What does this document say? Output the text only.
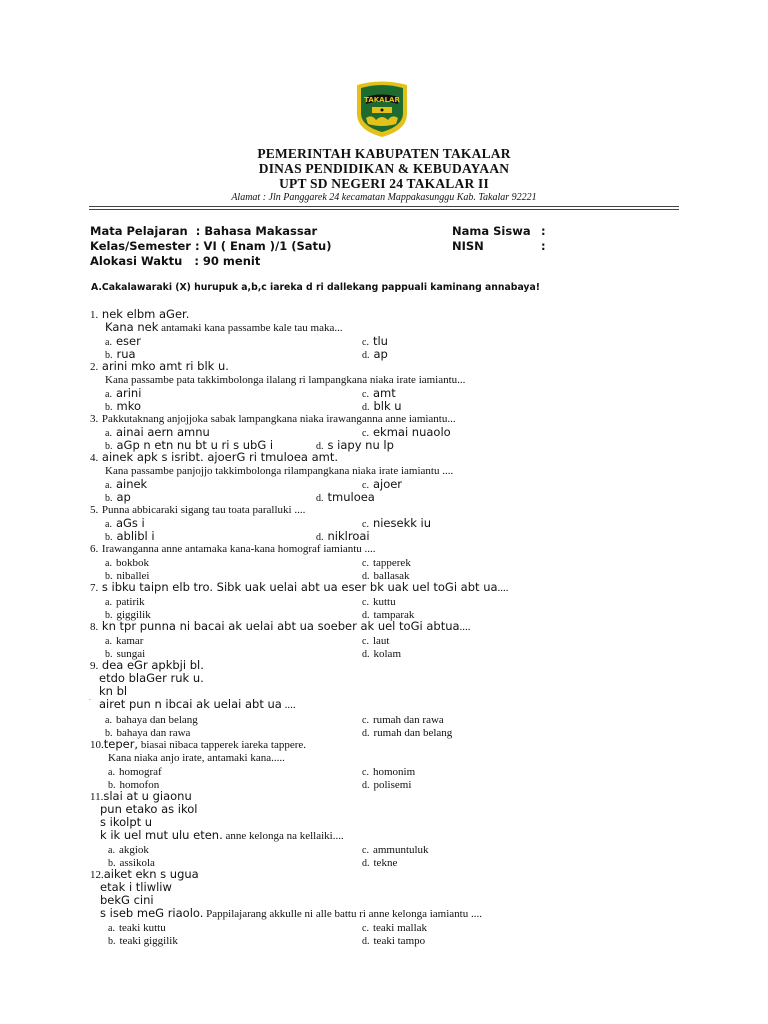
TAKALAR
PEMERINTAH KABUPATEN TAKALAR
DINAS PENDIDIKAN & KEBUDAYAAN
UPT SD NEGERI 24 TAKALAR II
Alamat : Jln Panggarek 24 kecamatan Mappakasunggu Kab. Takalar 92221
Mata Pelajaran  : Bahasa Makassar
Kelas/Semester : VI ( Enam )/1 (Satu)
Alokasi Waktu   : 90 menit
Nama Siswa :
NISN	:
A.Cakalawaraki (X) hurupuk a,b,c iareka d ri dallekang pappuali kaminang annabaya!
1. nek elbm aGer.
Kana nek antamaki kana passambe kale tau maka...
a. eser	c. tlu
b. rua	d. ap
2. arini mko amt ri blk u.
Kana passambe pata takkimbolonga ilalang ri lampangkana niaka irate iamiantu...
a. arini	c. amt
b. mko	d. blk u
3. Pakkutaknang anjojjoka sabak lampangkana niaka irawanganna anne iamiantu...
a. ainai aern amnu	c. ekmai nuaolo
b. aGp n etn nu bt u ri s ubG i	d. s iapy nu lp
4. ainek apk s isribt. ajoerG ri tmuloea amt.
Kana passambe panjojjo takkimbolonga rilampangkana niaka irate iamiantu ....
a. ainek	c. ajoer
b. ap	d. tmuloea
5. Punna abbicaraki sigang tau toata paralluki ....
a. aGs i	c. niesekk iu
b. ablibl i	d. niklroai
6. Irawanganna anne antamaka kana-kana homograf iamiantu ....
a. bokbok	c. tapperek
b. niballei	d. ballasak
7. s ibku taipn elb tro. Sibk uak uelai abt ua eser bk uak uel toGi abt ua....
a. patirik	c. kuttu
b. giggilik	d. tamparak
8. kn tpr punna ni bacai ak uelai abt ua soeber ak uel toGi abtua....
a. kamar	c. laut
b. sungai	d. kolam
9. dea eGr apkbji bl.
etdo blaGer ruk u.
kn bl
. airet pun n ibcai ak uelai abt ua ....
a. bahaya dan belang	c. rumah dan rawa
b. bahaya dan rawa	d. rumah dan belang
10.teper, biasai nibaca tapperek iareka tappere.
Kana niaka anjo irate, antamaki kana.....
a. homograf	c. homonim
b. homofon	d. polisemi
11.slai at u giaonu
pun etako as ikol
s ikolpt u
k ik uel mut ulu eten. anne kelonga na kellaiki....
a. akgiok	c. ammuntuluk
b. assikola	d. tekne
12.aiket ekn s ugua
etak i tliwliw
bekG cini
s iseb meG riaolo. Pappilajarang akkulle ni alle battu ri anne kelonga iamiantu ....
a. teaki kuttu	c. teaki mallak
b. teaki giggilik	d. teaki tampo
